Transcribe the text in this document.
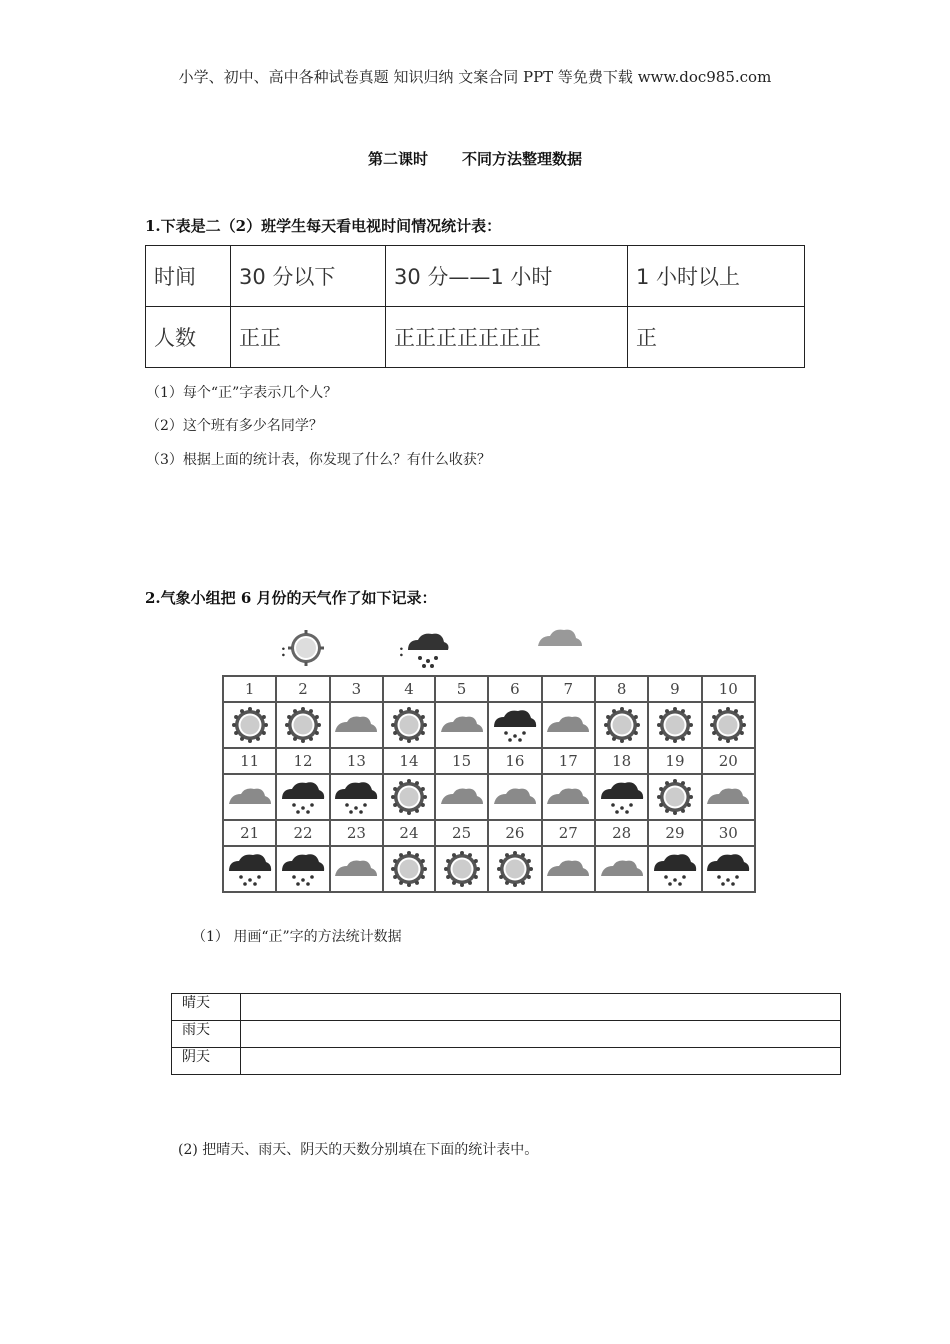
小学、初中、高中各种试卷真题 知识归纳 文案合同 PPT 等免费下载 www.doc985.com
第二课时 不同方法整理数据
1.下表是二（2）班学生每天看电视时间情况统计表：
时间	30 分以下	30 分——1 小时	1 小时以上
人数	正正	正正正正正正正	正
（1）每个“正”字表示几个人？
（2）这个班有多少名同学？
（3）根据上面的统计表，你发现了什么？有什么收获？
2.气象小组把 6 月份的天气作了如下记录：
:	:
1	2	3	4	5	6	7	8	9	10

11	12	13	14	15	16	17	18	19	20

21	22	23	24	25	26	27	28	29	30

（1） 用画“正”字的方法统计数据
晴天	
雨天	
阴天	
(2) 把晴天、雨天、阴天的天数分别填在下面的统计表中。
